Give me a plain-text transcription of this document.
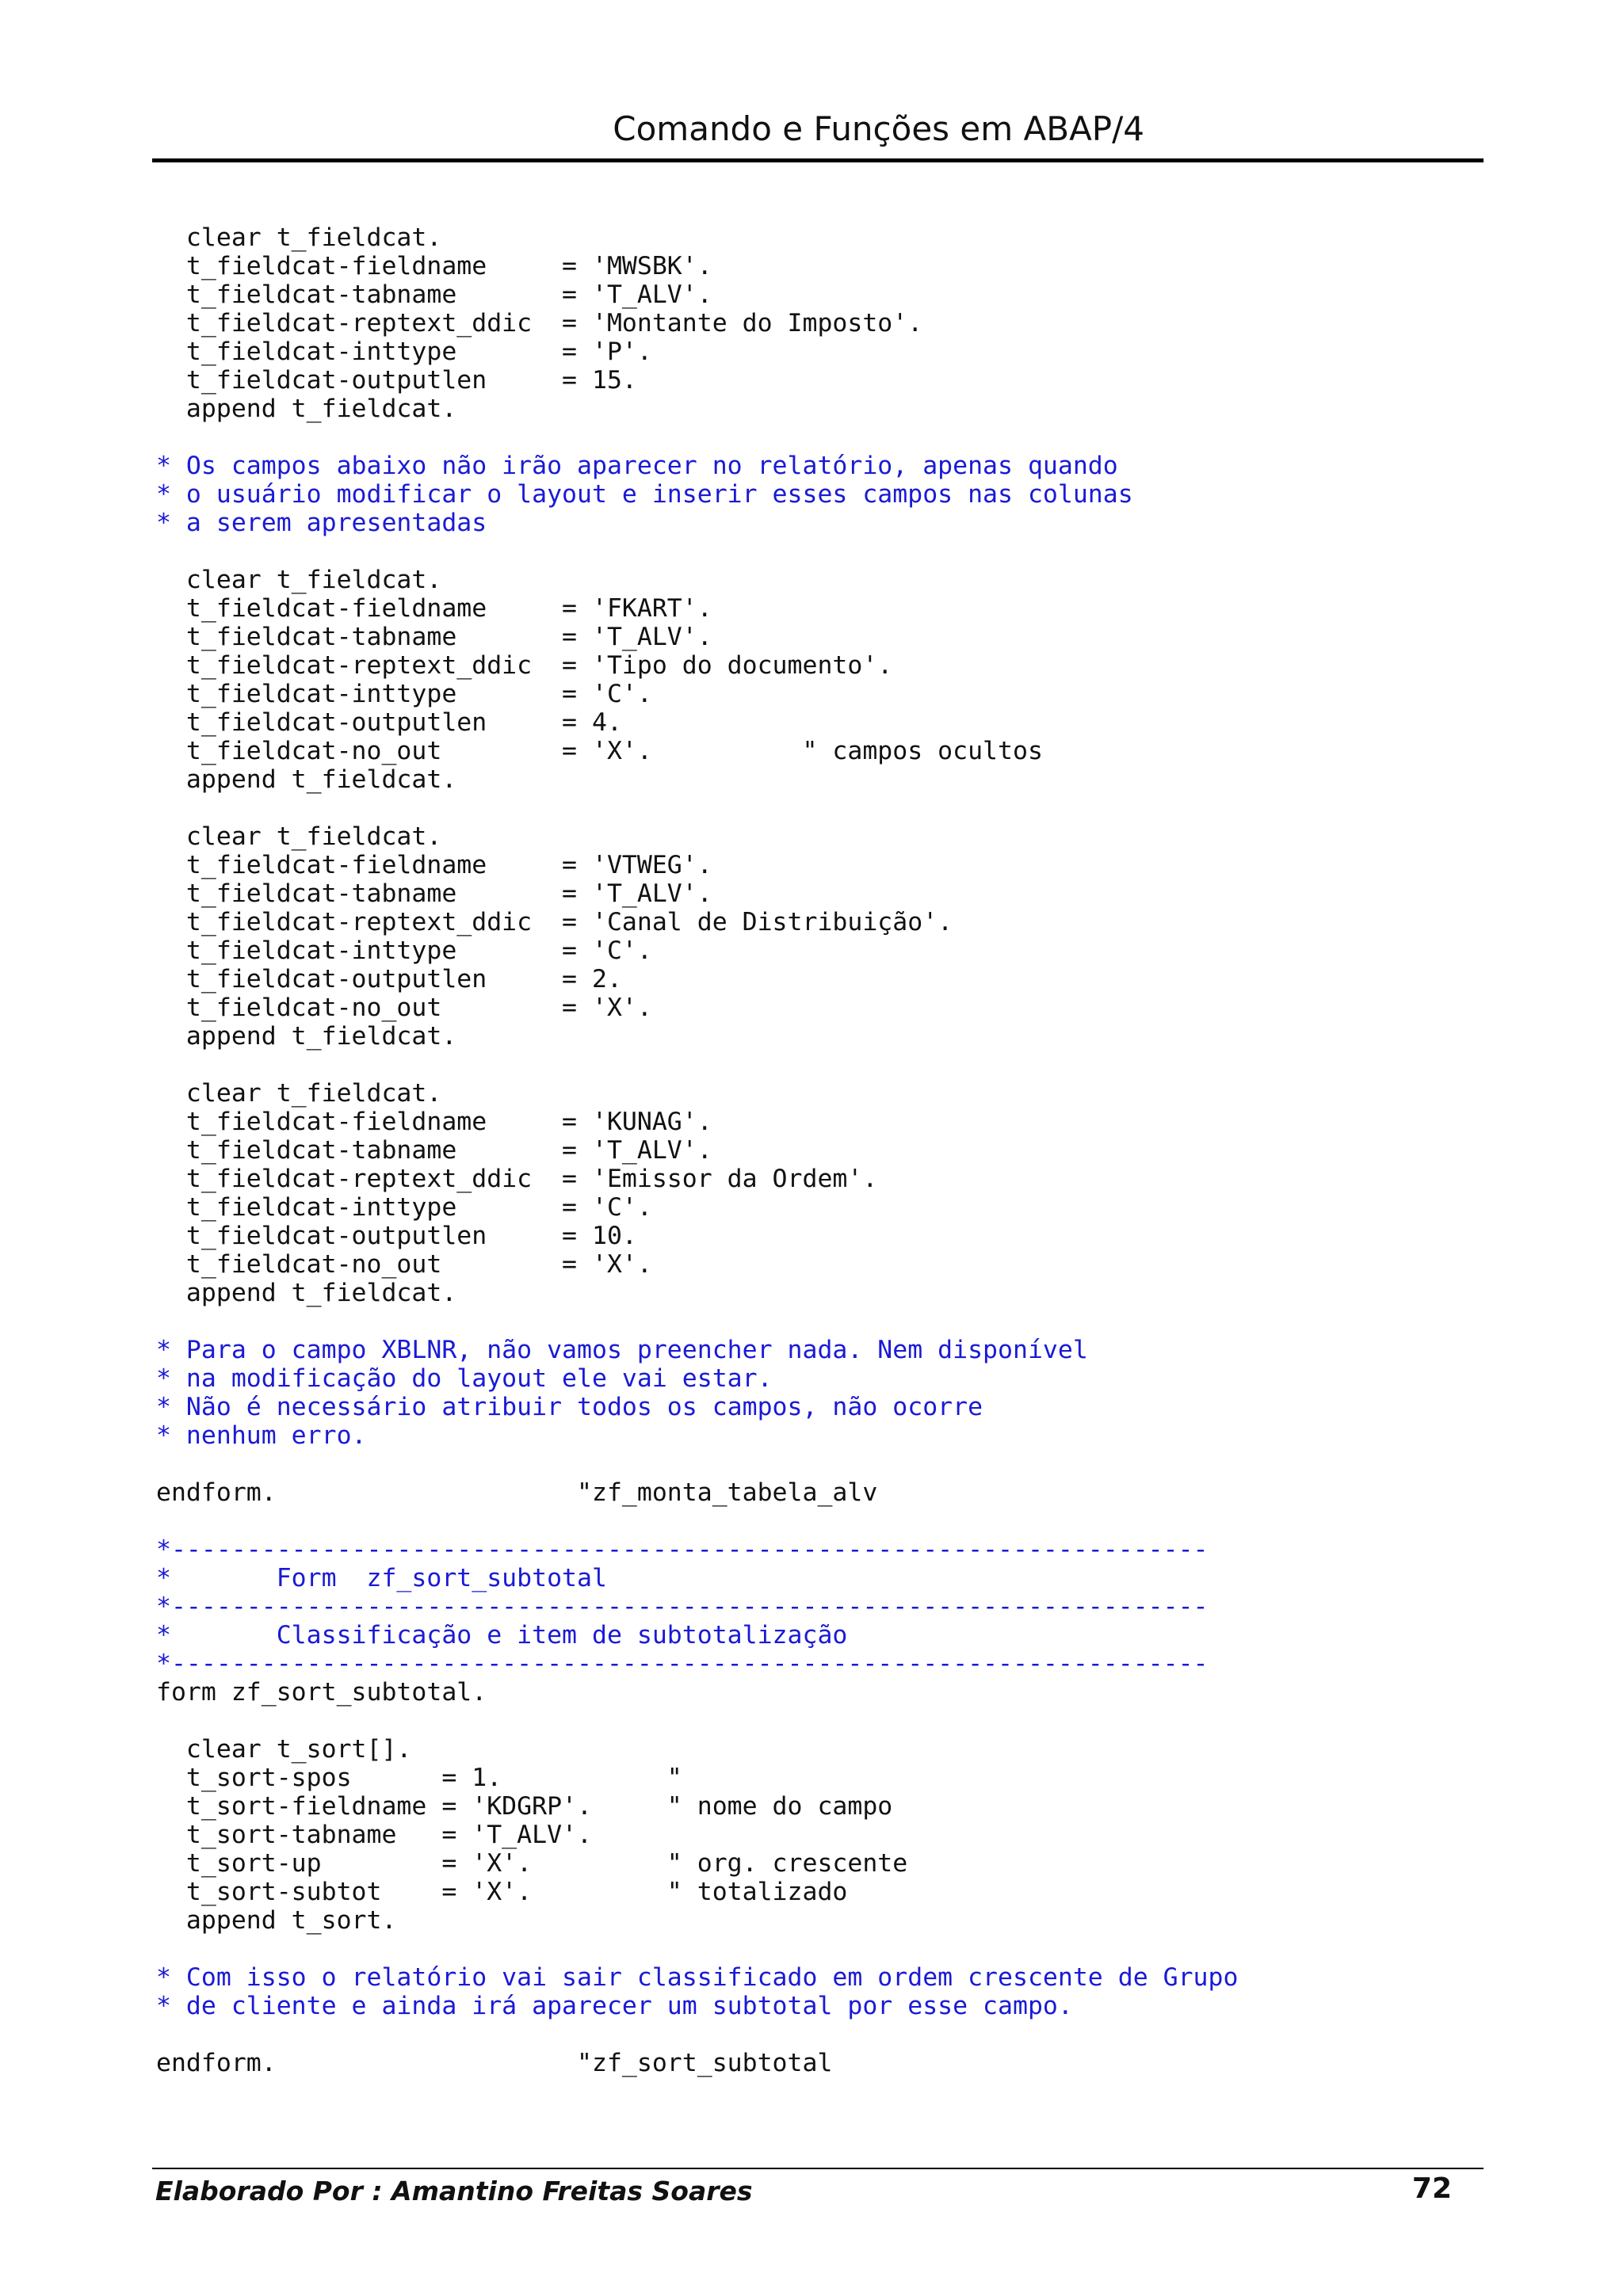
Comando e Funções em ABAP/4
clear t_fieldcat.
t_fieldcat-fieldname     = 'MWSBK'.
t_fieldcat-tabname       = 'T_ALV'.
t_fieldcat-reptext_ddic  = 'Montante do Imposto'.
t_fieldcat-inttype       = 'P'.
t_fieldcat-outputlen     = 15.
append t_fieldcat.
* Os campos abaixo não irão aparecer no relatório, apenas quando
* o usuário modificar o layout e inserir esses campos nas colunas
* a serem apresentadas
clear t_fieldcat.
t_fieldcat-fieldname     = 'FKART'.
t_fieldcat-tabname       = 'T_ALV'.
t_fieldcat-reptext_ddic  = 'Tipo do documento'.
t_fieldcat-inttype       = 'C'.
t_fieldcat-outputlen     = 4.
t_fieldcat-no_out        = 'X'.          " campos ocultos
append t_fieldcat.
clear t_fieldcat.
t_fieldcat-fieldname     = 'VTWEG'.
t_fieldcat-tabname       = 'T_ALV'.
t_fieldcat-reptext_ddic  = 'Canal de Distribuição'.
t_fieldcat-inttype       = 'C'.
t_fieldcat-outputlen     = 2.
t_fieldcat-no_out        = 'X'.
append t_fieldcat.
clear t_fieldcat.
t_fieldcat-fieldname     = 'KUNAG'.
t_fieldcat-tabname       = 'T_ALV'.
t_fieldcat-reptext_ddic  = 'Emissor da Ordem'.
t_fieldcat-inttype       = 'C'.
t_fieldcat-outputlen     = 10.
t_fieldcat-no_out        = 'X'.
append t_fieldcat.
* Para o campo XBLNR, não vamos preencher nada. Nem disponível
* na modificação do layout ele vai estar.
* Não é necessário atribuir todos os campos, não ocorre
* nenhum erro.
endform.                    "zf_monta_tabela_alv
*---------------------------------------------------------------------
*       Form  zf_sort_subtotal
*---------------------------------------------------------------------
*       Classificação e item de subtotalização
*---------------------------------------------------------------------
form zf_sort_subtotal.
clear t_sort[].
t_sort-spos      = 1.           "
t_sort-fieldname = 'KDGRP'.     " nome do campo
t_sort-tabname   = 'T_ALV'.
t_sort-up        = 'X'.         " org. crescente
t_sort-subtot    = 'X'.         " totalizado
append t_sort.
* Com isso o relatório vai sair classificado em ordem crescente de Grupo
* de cliente e ainda irá aparecer um subtotal por esse campo.
endform.                    "zf_sort_subtotal
Elaborado Por : Amantino Freitas Soares	72
